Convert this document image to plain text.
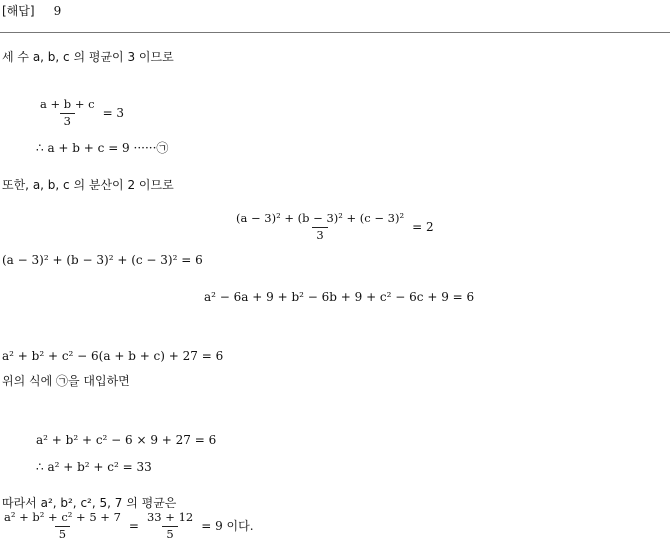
[해답] 9
세 수 a, b, c 의 평균이 3 이므로
$\frac{a + b + c}{3} = 3$
∴ a + b + c = 9 ······㉠
또한, a, b, c 의 분산이 2 이므로
$\frac{\text{(a − 3)² + (b − 3)² + (c − 3)²}}{3} = 2$
(a − 3)² + (b − 3)² + (c − 3)² = 6
a² − 6a + 9 + b² − 6b + 9 + c² − 6c + 9 = 6
a² + b² + c² − 6(a + b + c) + 27 = 6
위의 식에 ㉠을 대입하면
a² + b² + c² − 6 × 9 + 27 = 6
∴ a² + b² + c² = 33
따라서 a², b², c², 5, 7 의 평균은
$\frac{\text{a² + b² + c² + 5 + 7}}{5} = \frac{33 + 12}{5} = 9$ 이다.
